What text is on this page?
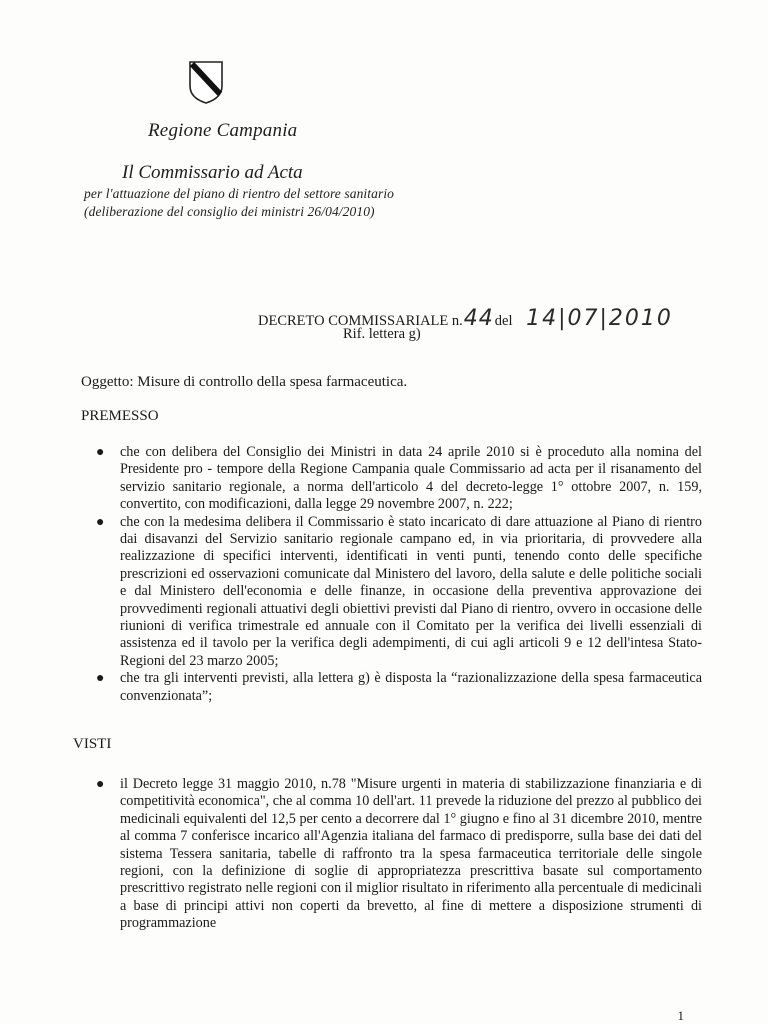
Regione Campania
Il Commissario ad Acta
per l'attuazione del piano di rientro del settore sanitario
(deliberazione del consiglio dei ministri 26/04/2010)
DECRETO COMMISSARIALE n.44del 14|07|2010
Rif. lettera g)
Oggetto: Misure di controllo della spesa farmaceutica.
PREMESSO
● che con delibera del Consiglio dei Ministri in data 24 aprile 2010 si è proceduto alla nomina del Presidente pro - tempore della Regione Campania quale Commissario ad acta per il risanamento del servizio sanitario regionale, a norma dell'articolo 4 del decreto-legge 1° ottobre 2007, n. 159, convertito, con modificazioni, dalla legge 29 novembre 2007, n. 222;
● che con la medesima delibera il Commissario è stato incaricato di dare attuazione al Piano di rientro dai disavanzi del Servizio sanitario regionale campano ed, in via prioritaria, di provvedere alla realizzazione di specifici interventi, identificati in venti punti, tenendo conto delle specifiche prescrizioni ed osservazioni comunicate dal Ministero del lavoro, della salute e delle politiche sociali e dal Ministero dell'economia e delle finanze, in occasione della preventiva approvazione dei provvedimenti regionali attuativi degli obiettivi previsti dal Piano di rientro, ovvero in occasione delle riunioni di verifica trimestrale ed annuale con il Comitato per la verifica dei livelli essenziali di assistenza ed il tavolo per la verifica degli adempimenti, di cui agli articoli 9 e 12 dell'intesa Stato-Regioni del 23 marzo 2005;
● che tra gli interventi previsti, alla lettera g) è disposta la “razionalizzazione della spesa farmaceutica convenzionata”;
VISTI
● il Decreto legge 31 maggio 2010, n.78 "Misure urgenti in materia di stabilizzazione finanziaria e di competitività economica", che al comma 10 dell'art. 11 prevede la riduzione del prezzo al pubblico dei medicinali equivalenti del 12,5 per cento a decorrere dal 1° giugno e fino al 31 dicembre 2010, mentre al comma 7 conferisce incarico all'Agenzia italiana del farmaco di predisporre, sulla base dei dati del sistema Tessera sanitaria, tabelle di raffronto tra la spesa farmaceutica territoriale delle singole regioni, con la definizione di soglie di appropriatezza prescrittiva basate sul comportamento prescrittivo registrato nelle regioni con il miglior risultato in riferimento alla percentuale di medicinali a base di principi attivi non coperti da brevetto, al fine di mettere a disposizione strumenti di programmazione
1
